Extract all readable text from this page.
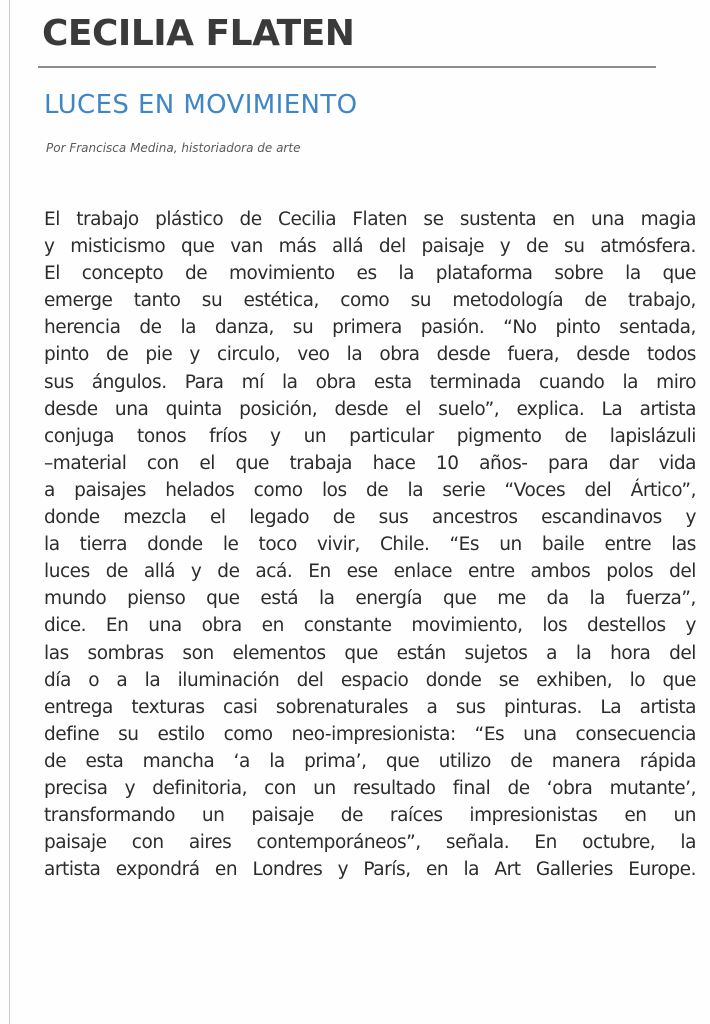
CECILIA FLATEN
LUCES EN MOVIMIENTO

Por Francisca Medina, historiadora de arte

El trabajo plástico de Cecilia Flaten se sustenta en una magia
y misticismo que van más allá del paisaje y de su atmósfera.
El concepto de movimiento es la plataforma sobre la que
emerge tanto su estética, como su metodología de trabajo,
herencia de la danza, su primera pasión. “No pinto sentada,
pinto de pie y circulo, veo la obra desde fuera, desde todos
sus ángulos. Para mí la obra esta terminada cuando la miro
desde una quinta posición, desde el suelo”, explica. La artista
conjuga tonos fríos y un particular pigmento de lapislázuli
–material con el que trabaja hace 10 años- para dar vida
a paisajes helados como los de la serie “Voces del Ártico”,
donde mezcla el legado de sus ancestros escandinavos y
la tierra donde le toco vivir, Chile. “Es un baile entre las
luces de allá y de acá. En ese enlace entre ambos polos del
mundo pienso que está la energía que me da la fuerza”,
dice. En una obra en constante movimiento, los destellos y
las sombras son elementos que están sujetos a la hora del
día o a la iluminación del espacio donde se exhiben, lo que
entrega texturas casi sobrenaturales a sus pinturas. La artista
define su estilo como neo-impresionista: “Es una consecuencia
de esta mancha ‘a la prima’, que utilizo de manera rápida
precisa y definitoria, con un resultado final de ‘obra mutante’,
transformando un paisaje de raíces impresionistas en un
paisaje con aires contemporáneos”, señala. En octubre, la
artista expondrá en Londres y París, en la Art Galleries Europe.
